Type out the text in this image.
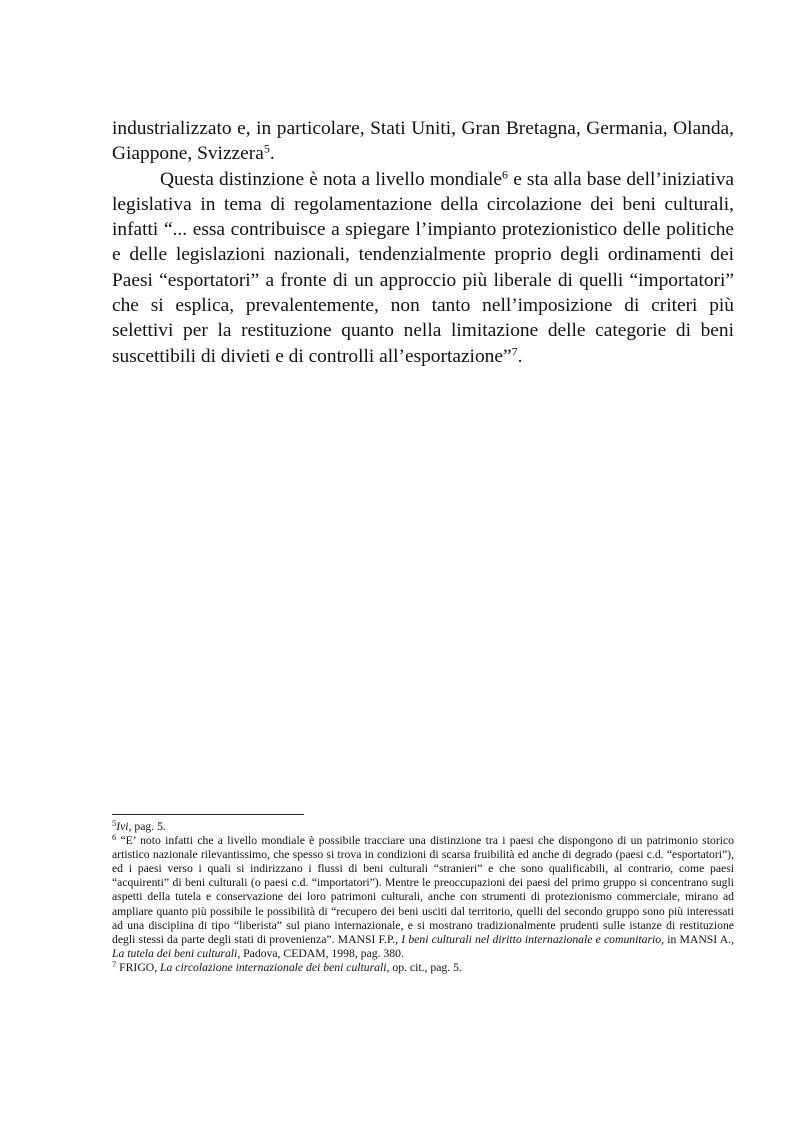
industrializzato e, in particolare, Stati Uniti, Gran Bretagna, Germania, Olanda, Giappone, Svizzera$^5$.

Questa distinzione è nota a livello mondiale$^6$ e sta alla base dell’iniziativa legislativa in tema di regolamentazione della circolazione dei beni culturali, infatti “... essa contribuisce a spiegare l’impianto protezionistico delle politiche e delle legislazioni nazionali, tendenzialmente proprio degli ordinamenti dei Paesi “esportatori” a fronte di un approccio più liberale di quelli “importatori” che si esplica, prevalentemente, non tanto nell’imposizione di criteri più selettivi per la restituzione quanto nella limitazione delle categorie di beni suscettibili di divieti e di controlli all’esportazione”$^7$.

$^5$Ivi, pag. 5.

$^6$ “E’ noto infatti che a livello mondiale è possibile tracciare una distinzione tra i paesi che dispongono di un patrimonio storico artistico nazionale rilevantissimo, che spesso si trova in condizioni di scarsa fruibilità ed anche di degrado (paesi c.d. “esportatori”), ed i paesi verso i quali si indirizzano i flussi di beni culturali “stranieri” e che sono qualificabili, al contrario, come paesi “acquirenti” di beni culturali (o paesi c.d. “importatori”). Mentre le preoccupazioni dei paesi del primo gruppo si concentrano sugli aspetti della tutela e conservazione dei loro patrimoni culturali, anche con strumenti di protezionismo commerciale, mirano ad ampliare quanto più possibile le possibilità di “recupero dei beni usciti dal territorio, quelli del secondo gruppo sono più interessati ad una disciplina di tipo “liberista” sul piano internazionale, e si mostrano tradizionalmente prudenti sulle istanze di restituzione degli stessi da parte degli stati di provenienza”. MANSI F.P., I beni culturali nel diritto internazionale e comunitario, in MANSI A., La tutela dei beni culturali, Padova, CEDAM, 1998, pag. 380.

$^7$ FRIGO, La circolazione internazionale dei beni culturali, op. cit., pag. 5.
